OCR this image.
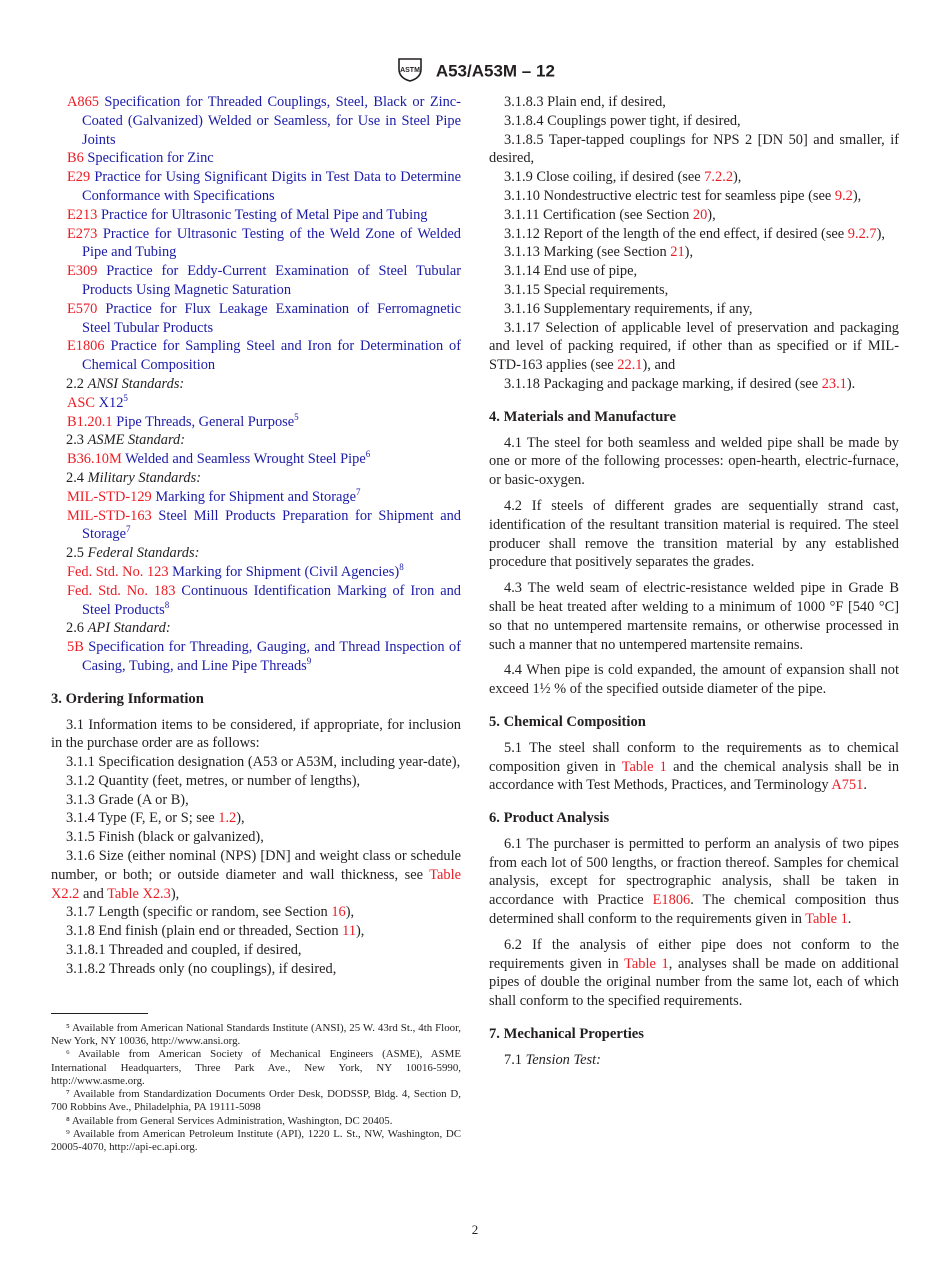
ASTM A53/A53M – 12

A865 Specification for Threaded Couplings, Steel, Black or Zinc-Coated (Galvanized) Welded or Seamless, for Use in Steel Pipe Joints

B6 Specification for Zinc

E29 Practice for Using Significant Digits in Test Data to Determine Conformance with Specifications

E213 Practice for Ultrasonic Testing of Metal Pipe and Tubing

E273 Practice for Ultrasonic Testing of the Weld Zone of Welded Pipe and Tubing

E309 Practice for Eddy-Current Examination of Steel Tubular Products Using Magnetic Saturation

E570 Practice for Flux Leakage Examination of Ferromagnetic Steel Tubular Products

E1806 Practice for Sampling Steel and Iron for Determination of Chemical Composition

2.2 ANSI Standards:

ASC $X12^5$

B1.20.1 Pipe Threads, General Purpose$^5$

2.3 ASME Standard:

B36.10M Welded and Seamless Wrought Steel Pipe$^6$

2.4 Military Standards:

MIL-STD-129 Marking for Shipment and Storage$^7$

MIL-STD-163 Steel Mill Products Preparation for Shipment and Storage$^7$

2.5 Federal Standards:

Fed. Std. No. 123 Marking for Shipment (Civil Agencies)$^8$

Fed. Std. No. 183 Continuous Identification Marking of Iron and Steel Products$^8$

2.6 API Standard:

5B Specification for Threading, Gauging, and Thread Inspection of Casing, Tubing, and Line Pipe Threads$^9$

3. Ordering Information

3.1 Information items to be considered, if appropriate, for inclusion in the purchase order are as follows:

3.1.1 Specification designation (A53 or A53M, including year-date),

3.1.2 Quantity (feet, metres, or number of lengths),

3.1.3 Grade (A or B),

3.1.4 Type (F, E, or S; see 1.2),

3.1.5 Finish (black or galvanized),

3.1.6 Size (either nominal (NPS) [DN] and weight class or schedule number, or both; or outside diameter and wall thickness, see Table X2.2 and Table X2.3),

3.1.7 Length (specific or random, see Section 16),

3.1.8 End finish (plain end or threaded, Section 11),

3.1.8.1 Threaded and coupled, if desired,

3.1.8.2 Threads only (no couplings), if desired,

⁵ Available from American National Standards Institute (ANSI), 25 W. 43rd St., 4th Floor, New York, NY 10036, http://www.ansi.org.

⁶ Available from American Society of Mechanical Engineers (ASME), ASME International Headquarters, Three Park Ave., New York, NY 10016-5990, http://www.asme.org.

⁷ Available from Standardization Documents Order Desk, DODSSP, Bldg. 4, Section D, 700 Robbins Ave., Philadelphia, PA 19111-5098

⁸ Available from General Services Administration, Washington, DC 20405.

⁹ Available from American Petroleum Institute (API), 1220 L. St., NW, Washington, DC 20005-4070, http://api-ec.api.org.

3.1.8.3 Plain end, if desired,

3.1.8.4 Couplings power tight, if desired,

3.1.8.5 Taper-tapped couplings for NPS 2 [DN 50] and smaller, if desired,

3.1.9 Close coiling, if desired (see 7.2.2),

3.1.10 Nondestructive electric test for seamless pipe (see 9.2),

3.1.11 Certification (see Section 20),

3.1.12 Report of the length of the end effect, if desired (see 9.2.7),

3.1.13 Marking (see Section 21),

3.1.14 End use of pipe,

3.1.15 Special requirements,

3.1.16 Supplementary requirements, if any,

3.1.17 Selection of applicable level of preservation and packaging and level of packing required, if other than as specified or if MIL-STD-163 applies (see 22.1), and

3.1.18 Packaging and package marking, if desired (see 23.1).

4. Materials and Manufacture

4.1 The steel for both seamless and welded pipe shall be made by one or more of the following processes: open-hearth, electric-furnace, or basic-oxygen.

4.2 If steels of different grades are sequentially strand cast, identification of the resultant transition material is required. The steel producer shall remove the transition material by any established procedure that positively separates the grades.

4.3 The weld seam of electric-resistance welded pipe in Grade B shall be heat treated after welding to a minimum of 1000 °F [540 °C] so that no untempered martensite remains, or otherwise processed in such a manner that no untempered martensite remains.

4.4 When pipe is cold expanded, the amount of expansion shall not exceed 1½ % of the specified outside diameter of the pipe.

5. Chemical Composition

5.1 The steel shall conform to the requirements as to chemical composition given in Table 1 and the chemical analysis shall be in accordance with Test Methods, Practices, and Terminology A751.

6. Product Analysis

6.1 The purchaser is permitted to perform an analysis of two pipes from each lot of 500 lengths, or fraction thereof. Samples for chemical analysis, except for spectrographic analysis, shall be taken in accordance with Practice E1806. The chemical composition thus determined shall conform to the requirements given in Table 1.

6.2 If the analysis of either pipe does not conform to the requirements given in Table 1, analyses shall be made on additional pipes of double the original number from the same lot, each of which shall conform to the specified requirements.

7. Mechanical Properties

7.1 Tension Test:

2
